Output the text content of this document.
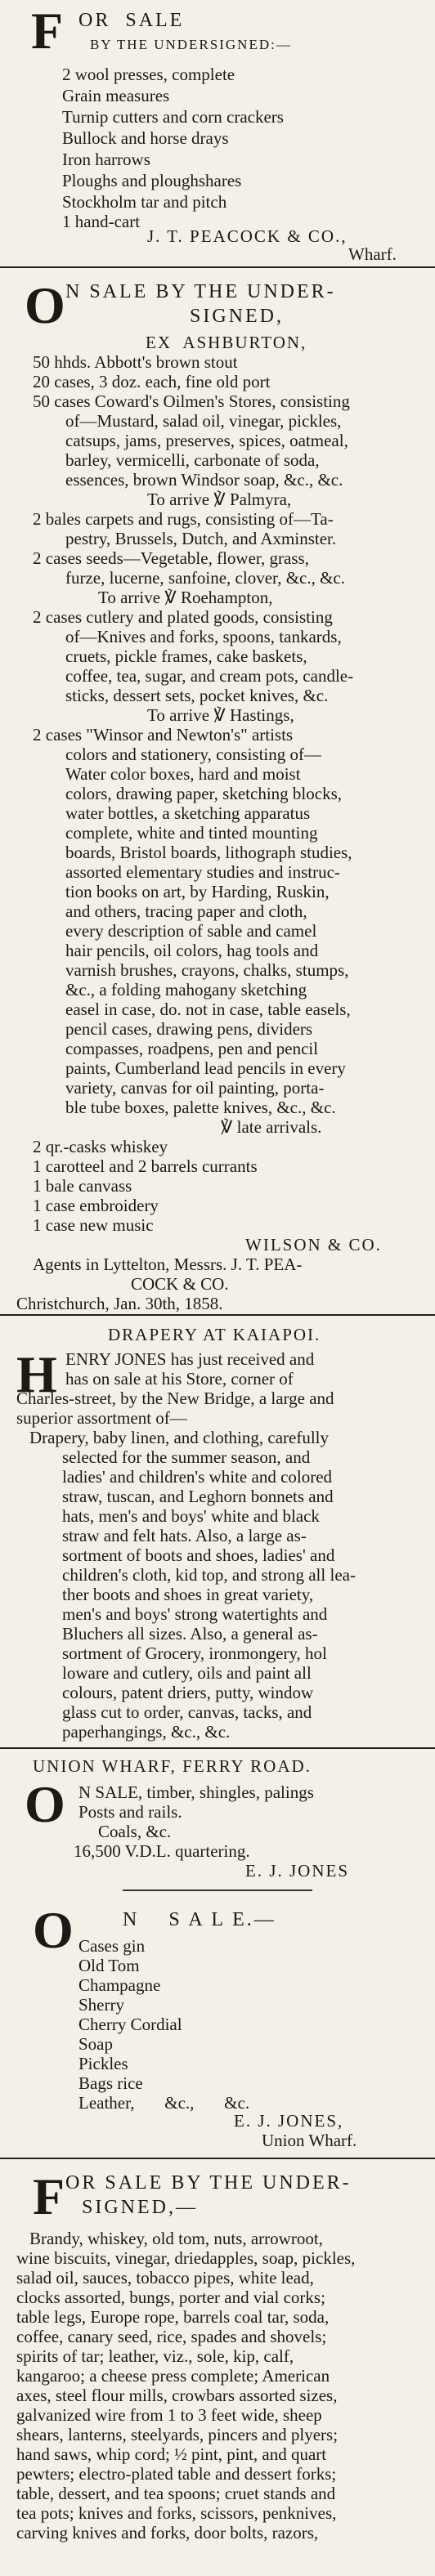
F OR  SALE

BY THE UNDERSIGNED:—

2 wool presses, complete

Grain measures

Turnip cutters and corn crackers

Bullock and horse drays

Iron harrows

Ploughs and ploughshares

Stockholm tar and pitch

1 hand-cart

J. T. PEACOCK & CO.,

Wharf.

O N SALE BY THE UNDER-

SIGNED,

EX  ASHBURTON,

50 hhds. Abbott's brown stout

20 cases, 3 doz. each, fine old port

50 cases Coward's Oilmen's Stores, consisting

of—Mustard, salad oil, vinegar, pickles,

catsups, jams, preserves, spices, oatmeal,

barley, vermicelli, carbonate of soda,

essences, brown Windsor soap, &c., &c.

To arrive ℣ Palmyra,

2 bales carpets and rugs, consisting of—Ta-

pestry, Brussels, Dutch, and Axminster.

2 cases seeds—Vegetable, flower, grass,

furze, lucerne, sanfoine, clover, &c., &c.

To arrive ℣ Roehampton,

2 cases cutlery and plated goods, consisting

of—Knives and forks, spoons, tankards,

cruets, pickle frames, cake baskets,

coffee, tea, sugar, and cream pots, candle-

sticks, dessert sets, pocket knives, &c.

To arrive ℣ Hastings,

2 cases "Winsor and Newton's" artists

colors and stationery, consisting of—

Water color boxes, hard and moist

colors, drawing paper, sketching blocks,

water bottles, a sketching apparatus

complete, white and tinted mounting

boards, Bristol boards, lithograph studies,

assorted elementary studies and instruc-

tion books on art, by Harding, Ruskin,

and others, tracing paper and cloth,

every description of sable and camel

hair pencils, oil colors, hag tools and

varnish brushes, crayons, chalks, stumps,

&c., a folding mahogany sketching

easel in case, do. not in case, table easels,

pencil cases, drawing pens, dividers

compasses, roadpens, pen and pencil

paints, Cumberland lead pencils in every

variety, canvas for oil painting, porta-

ble tube boxes, palette knives, &c., &c.

℣ late arrivals.

2 qr.-casks whiskey

1 carotteel and 2 barrels currants

1 bale canvass

1 case embroidery

1 case new music

WILSON & CO.

Agents in Lyttelton, Messrs. J. T. PEA-

COCK & CO.

Christchurch, Jan. 30th, 1858.

DRAPERY AT KAIAPOI.

H ENRY JONES has just received and

has on sale at his Store, corner of

Charles-street, by the New Bridge, a large and

superior assortment of—

Drapery, baby linen, and clothing, carefully

selected for the summer season, and

ladies' and children's white and colored

straw, tuscan, and Leghorn bonnets and

hats, men's and boys' white and black

straw and felt hats. Also, a large as-

sortment of boots and shoes, ladies' and

children's cloth, kid top, and strong all lea-

ther boots and shoes in great variety,

men's and boys' strong watertights and

Bluchers all sizes. Also, a general as-

sortment of Grocery, ironmongery, hol

loware and cutlery, oils and paint all

colours, patent driers, putty, window

glass cut to order, canvas, tacks, and

paperhangings, &c., &c.

UNION WHARF, FERRY ROAD.

O N SALE, timber, shingles, palings

Posts and rails.

Coals, &c.

16,500 V.D.L. quartering.

E. J. JONES

O	N    S A L E.—

Cases gin

Old Tom

Champagne

Sherry

Cherry Cordial

Soap

Pickles

Bags rice

Leather,       &c.,       &c.

E. J. JONES,

Union Wharf.

F OR SALE BY THE UNDER-

SIGNED,—

Brandy, whiskey, old tom, nuts, arrowroot,

wine biscuits, vinegar, driedapples, soap, pickles,

salad oil, sauces, tobacco pipes, white lead,

clocks assorted, bungs, porter and vial corks;

table legs, Europe rope, barrels coal tar, soda,

coffee, canary seed, rice, spades and shovels;

spirits of tar; leather, viz., sole, kip, calf,

kangaroo; a cheese press complete; American

axes, steel flour mills, crowbars assorted sizes,

galvanized wire from 1 to 3 feet wide, sheep

shears, lanterns, steelyards, pincers and plyers;

hand saws, whip cord; ½ pint, pint, and quart

pewters; electro-plated table and dessert forks;

table, dessert, and tea spoons; cruet stands and

tea pots; knives and forks, scissors, penknives,

carving knives and forks, door bolts, razors,
